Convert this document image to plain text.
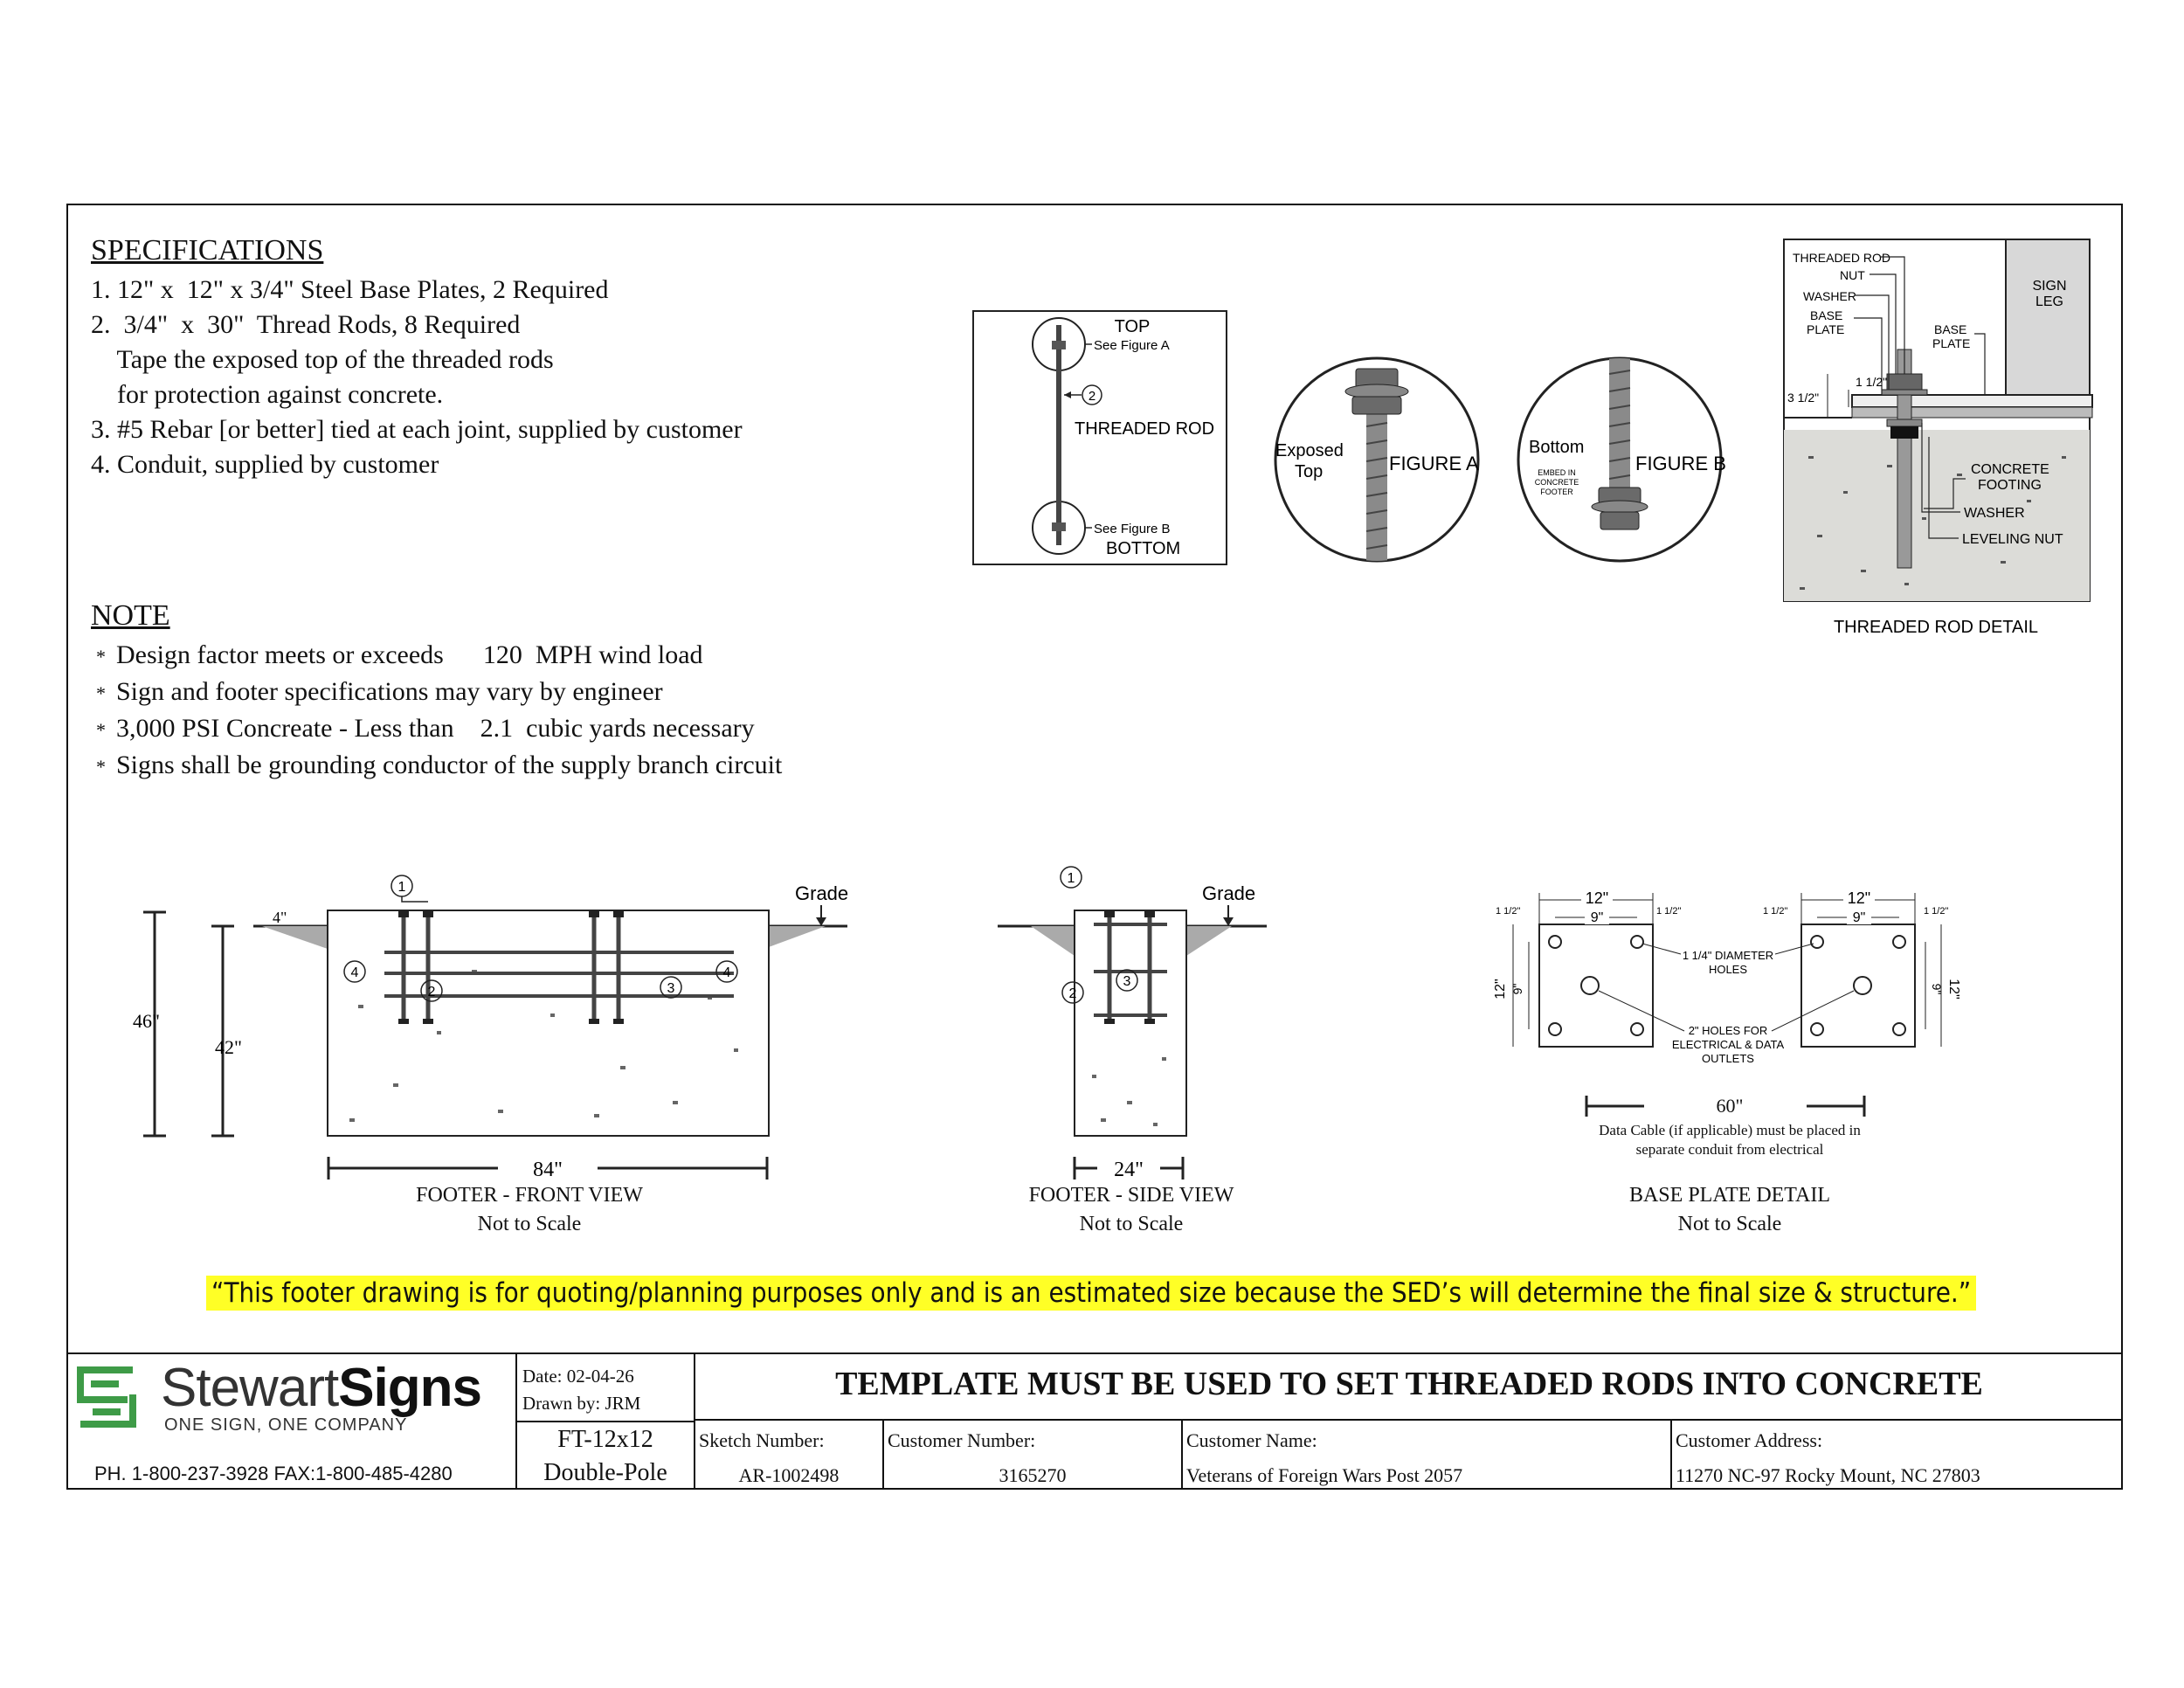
SPECIFICATIONS
1. 12" x  12" x 3/4" Steel Base Plates, 2 Required
2.  3/4"  x  30"  Thread Rods, 8 Required
Tape the exposed top of the threaded rods
for protection against concrete.
3. #5 Rebar [or better] tied at each joint, supplied by customer
4. Conduit, supplied by customer
NOTE
* Design factor meets or exceeds      120  MPH wind load
* Sign and footer specifications may vary by engineer
* 3,000 PSI Concreate - Less than    2.1  cubic yards necessary
* Signs shall be grounding conductor of the supply branch circuit
TOP
See Figure A
2
THREADED ROD
See Figure B
BOTTOM
Exposed
Top	FIGURE A
Bottom
EMBED IN
CONCRETE
FOOTER
FIGURE B
SIGN
LEG
THREADED ROD
NUT
WASHER
BASE
PLATE	BASE
PLATE
1 1/2"
3 1/2"
CONCRETE
FOOTING
WASHER
LEVELING NUT
THREADED ROD DETAIL
1
2	3
4	4
Grade
4"
46"
42"
84"
FOOTER - FRONT VIEW
Not to Scale
1
2
3
Grade
24"
FOOTER - SIDE VIEW
Not to Scale
12"
9"
12"
9"
1 1/2"	1 1/2"	1 1/2"	1 1/2"
12" 9"	9" 12"
1 1/4" DIAMETER
HOLES
2" HOLES FOR
ELECTRICAL & DATA
OUTLETS
60"
Data Cable (if applicable) must be placed in
separate conduit from electrical
BASE PLATE DETAIL
Not to Scale
“This footer drawing is for quoting/planning purposes only and is an estimated size because the SED’s will determine the final size & structure.”
StewartSigns
ONE SIGN, ONE COMPANY
PH. 1-800-237-3928 FAX:1-800-485-4280
Date: 02-04-26
Drawn by: JRM
FT-12x12
Double-Pole
TEMPLATE MUST BE USED TO SET THREADED RODS INTO CONCRETE
Sketch Number:
AR-1002498
Customer Number:
3165270
Customer Name:
Veterans of Foreign Wars Post 2057
Customer Address:
11270 NC-97 Rocky Mount, NC 27803
